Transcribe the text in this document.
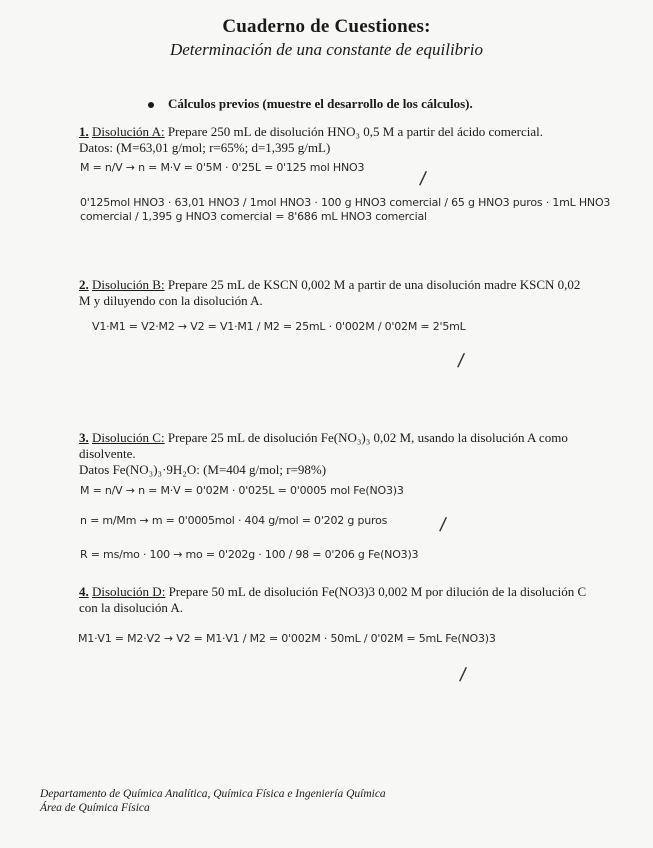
Cuaderno de Cuestiones:
Determinación de una constante de equilibrio
Cálculos previos (muestre el desarrollo de los cálculos).
1. Disolución A: Prepare 250 mL de disolución HNO₃ 0,5 M a partir del ácido comercial.
Datos: (M=63,01 g/mol; r=65%; d=1,395 g/mL)
M = n/V → n = M·V = 0'5M · 0'25L = 0'125 mol HNO3
/
0'125mol HNO3 · 63,01 HNO3 / 1mol HNO3 · 100 g HNO3 comercial / 65 g HNO3 puros · 1mL HNO3 comercial / 1,395 g HNO3 comercial = 8'686 mL HNO3 comercial
2. Disolución B: Prepare 25 mL de KSCN 0,002 M a partir de una disolución madre KSCN 0,02 M y diluyendo con la disolución A.
V1·M1 = V2·M2 → V2 = V1·M1 / M2 = 25mL · 0'002M / 0'02M = 2'5mL
/
3. Disolución C: Prepare 25 mL de disolución Fe(NO₃)₃ 0,02 M, usando la disolución A como disolvente.
Datos Fe(NO₃)₃·9H₂O: (M=404 g/mol; r=98%)
M = n/V → n = M·V = 0'02M · 0'025L = 0'0005 mol Fe(NO3)3
n = m/Mm → m = 0'0005mol · 404 g/mol = 0'202 g puros	/
R = ms/mo · 100 → mo = 0'202g · 100 / 98 = 0'206 g Fe(NO3)3
4. Disolución D: Prepare 50 mL de disolución Fe(NO3)3 0,002 M por dilución de la disolución C con la disolución A.
M1·V1 = M2·V2 → V2 = M1·V1 / M2 = 0'002M · 50mL / 0'02M = 5mL Fe(NO3)3
/
Departamento de Química Analítica, Química Física e Ingeniería Química
Área de Química Física
